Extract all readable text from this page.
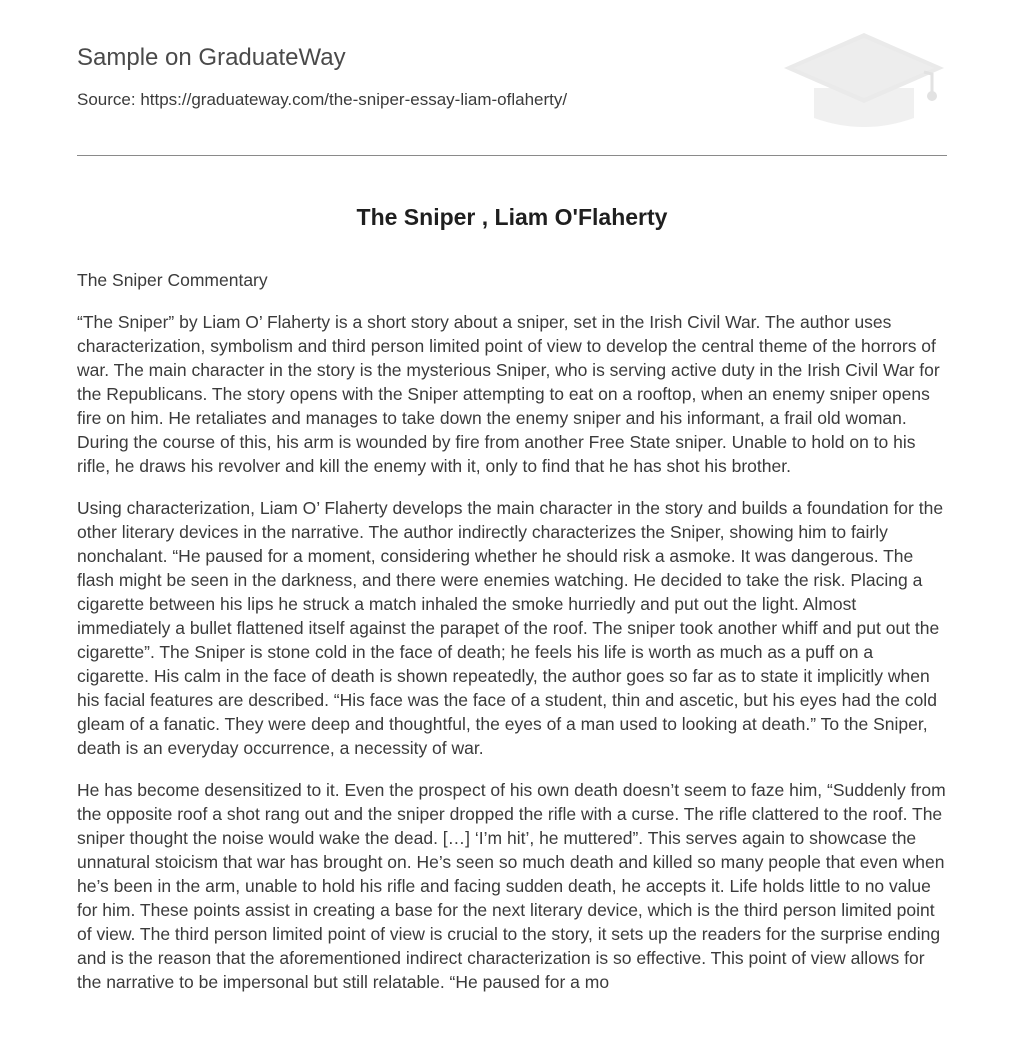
Sample on GraduateWay
Source: https://graduateway.com/the-sniper-essay-liam-oflaherty/
The Sniper , Liam O'Flaherty

The Sniper Commentary

“The Sniper” by Liam O’ Flaherty is a short story about a sniper, set in the Irish Civil War. The author uses characterization, symbolism and third person limited point of view to develop the central theme of the horrors of war. The main character in the story is the mysterious Sniper, who is serving active duty in the Irish Civil War for the Republicans. The story opens with the Sniper attempting to eat on a rooftop, when an enemy sniper opens fire on him. He retaliates and manages to take down the enemy sniper and his informant, a frail old woman. During the course of this, his arm is wounded by fire from another Free State sniper. Unable to hold on to his rifle, he draws his revolver and kill the enemy with it, only to find that he has shot his brother.

Using characterization, Liam O’ Flaherty develops the main character in the story and builds a foundation for the other literary devices in the narrative. The author indirectly characterizes the Sniper, showing him to fairly nonchalant. “He paused for a moment, considering whether he should risk a asmoke. It was dangerous. The flash might be seen in the darkness, and there were enemies watching. He decided to take the risk. Placing a cigarette between his lips he struck a match inhaled the smoke hurriedly and put out the light. Almost immediately a bullet flattened itself against the parapet of the roof. The sniper took another whiff and put out the cigarette”. The Sniper is stone cold in the face of death; he feels his life is worth as much as a puff on a cigarette. His calm in the face of death is shown repeatedly, the author goes so far as to state it implicitly when his facial features are described. “His face was the face of a student, thin and ascetic, but his eyes had the cold gleam of a fanatic. They were deep and thoughtful, the eyes of a man used to looking at death.” To the Sniper, death is an everyday occurrence, a necessity of war.

He has become desensitized to it. Even the prospect of his own death doesn’t seem to faze him, “Suddenly from the opposite roof a shot rang out and the sniper dropped the rifle with a curse. The rifle clattered to the roof. The sniper thought the noise would wake the dead. […] ‘I’m hit’, he muttered”. This serves again to showcase the unnatural stoicism that war has brought on. He’s seen so much death and killed so many people that even when he’s been in the arm, unable to hold his rifle and facing sudden death, he accepts it. Life holds little to no value for him. These points assist in creating a base for the next literary device, which is the third person limited point of view. The third person limited point of view is crucial to the story, it sets up the readers for the surprise ending and is the reason that the aforementioned indirect characterization is so effective. This point of view allows for the narrative to be impersonal but still relatable. “He paused for a mo
